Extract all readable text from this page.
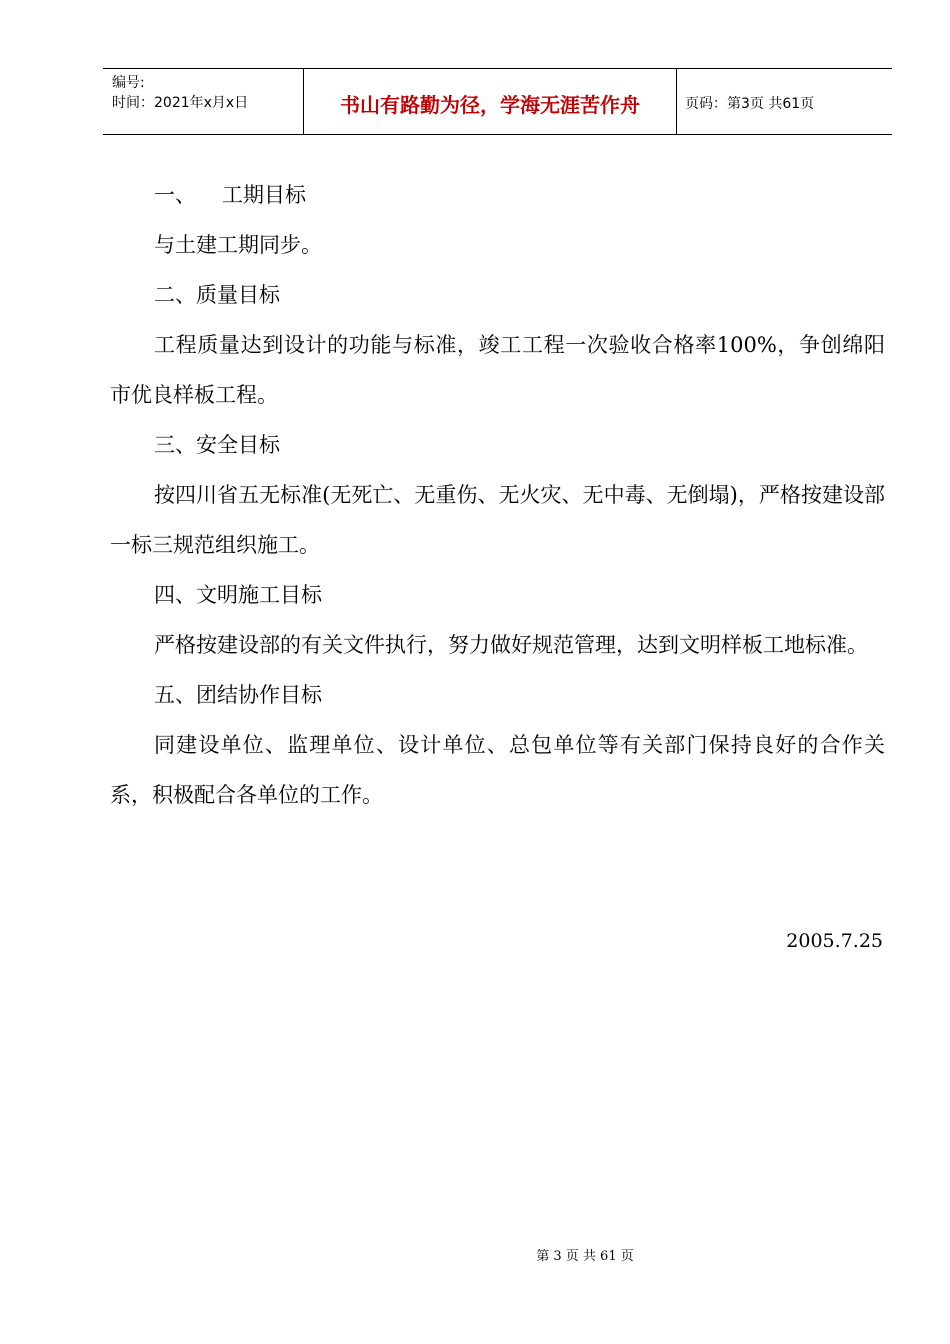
编号:
时间：2021年x月x日	书山有路勤为径，学海无涯苦作舟	页码：第3页 共61页

一、 工期目标

与土建工期同步。

二、质量目标

工程质量达到设计的功能与标准，竣工工程一次验收合格率100%，争创绵阳市优良样板工程。

三、安全目标

按四川省五无标准(无死亡、无重伤、无火灾、无中毒、无倒塌)，严格按建设部一标三规范组织施工。

四、文明施工目标

严格按建设部的有关文件执行，努力做好规范管理，达到文明样板工地标准。

五、团结协作目标

同建设单位、监理单位、设计单位、总包单位等有关部门保持良好的合作关系，积极配合各单位的工作。

2005.7.25
第 3 页 共 61 页
